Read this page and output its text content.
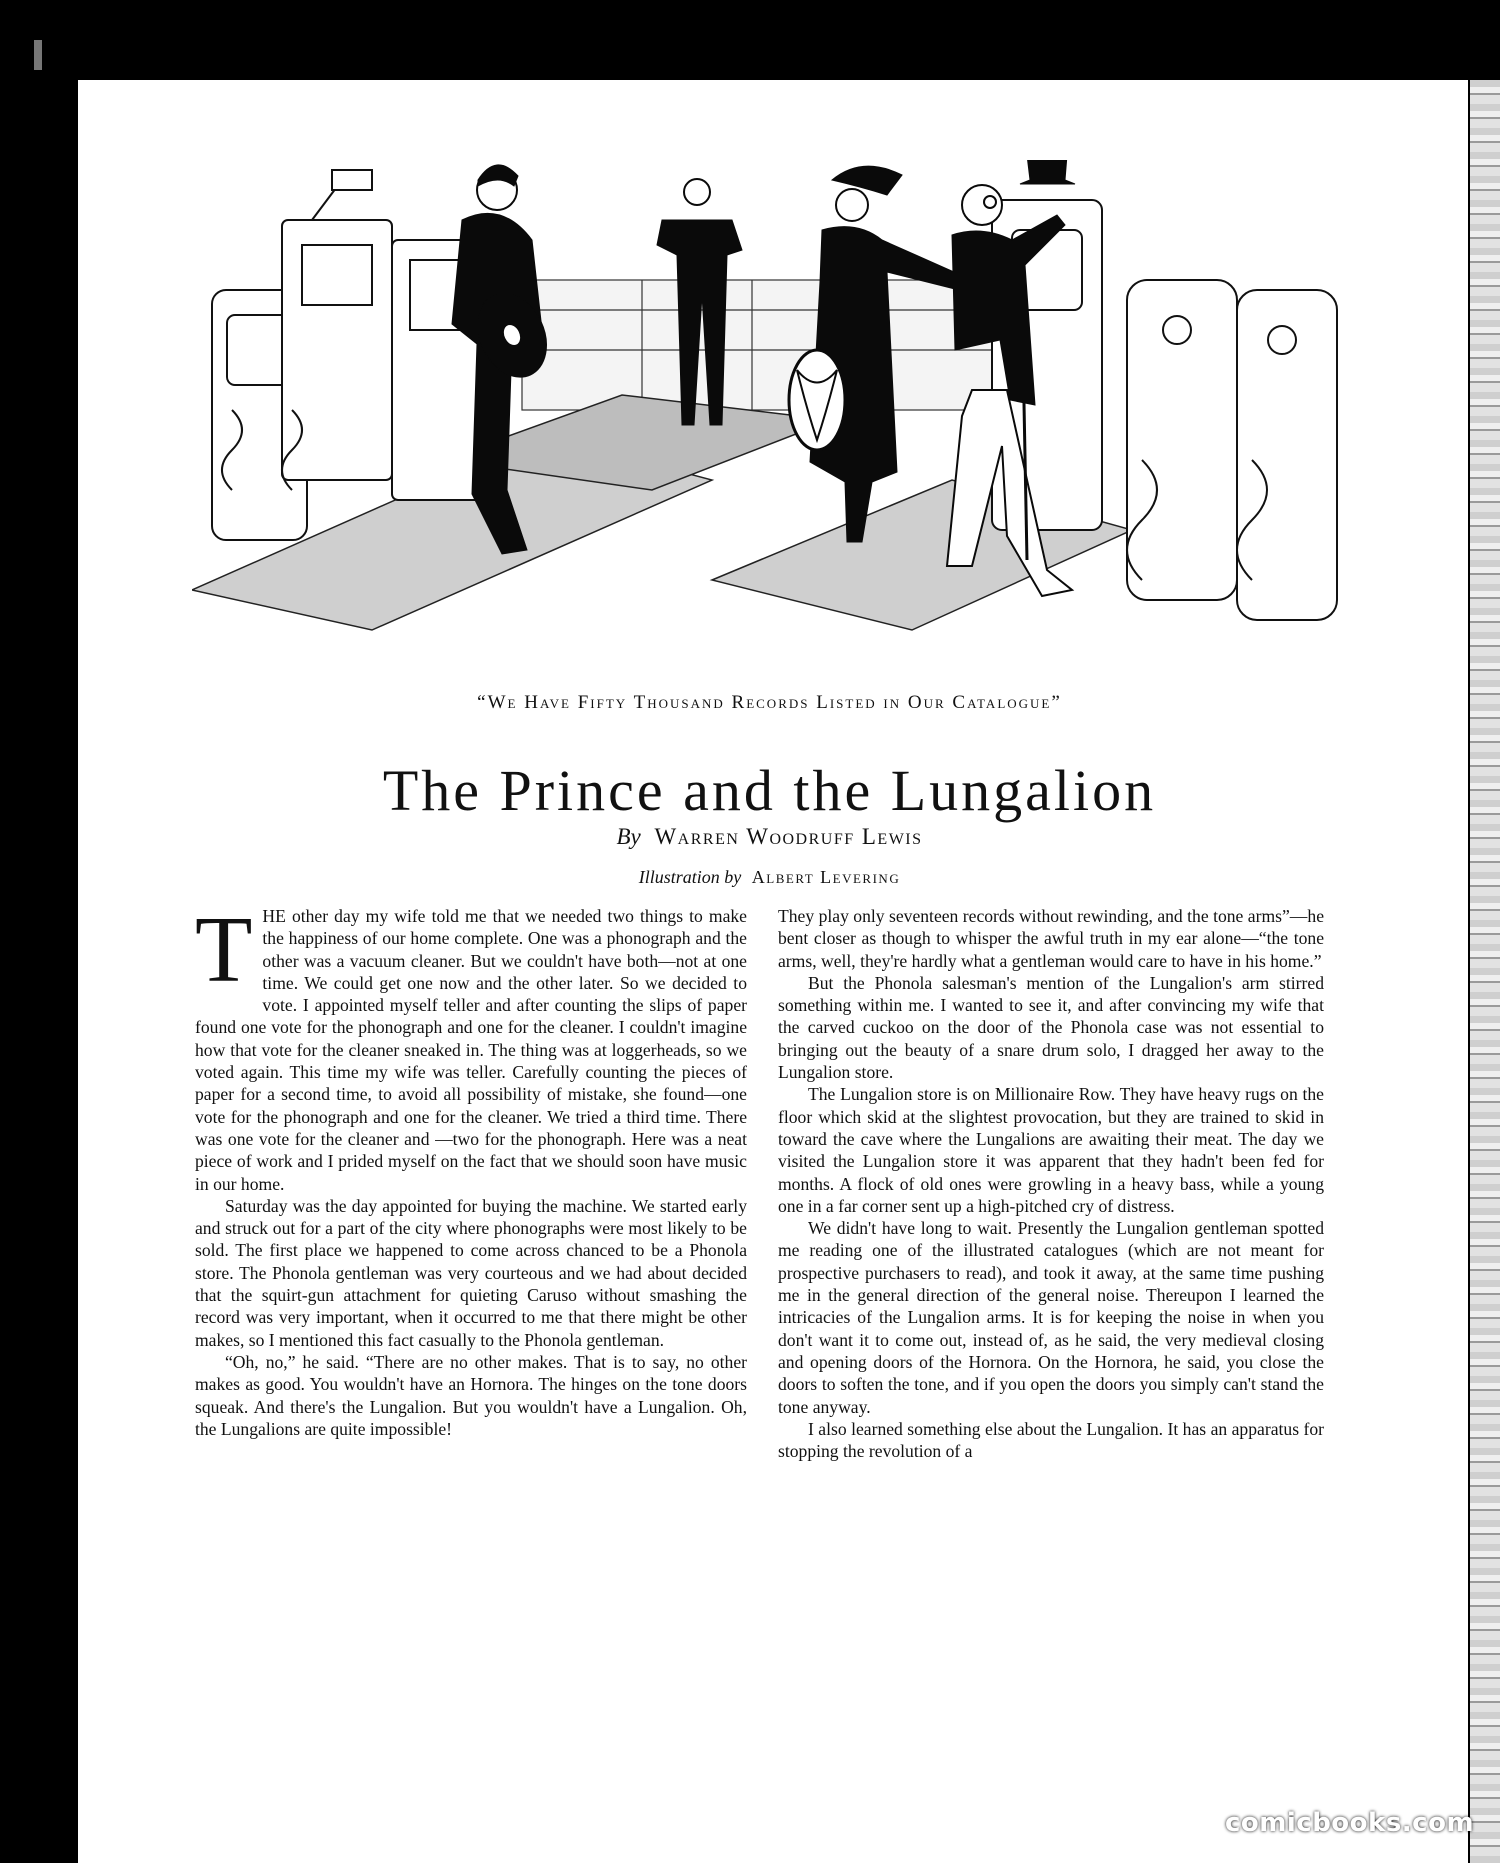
“We Have Fifty Thousand Records Listed in Our Catalogue”
The Prince and the Lungalion
By Warren Woodruff Lewis
Illustration by Albert Levering

THE other day my wife told me that we needed two things to make the happiness of our home complete. One was a phonograph and the other was a vacuum cleaner. But we couldn't have both—not at one time. We could get one now and the other later. So we decided to vote. I appointed myself teller and after counting the slips of paper found one vote for the phonograph and one for the cleaner. I couldn't imagine how that vote for the cleaner sneaked in. The thing was at loggerheads, so we voted again. This time my wife was teller. Carefully counting the pieces of paper for a second time, to avoid all possibility of mistake, she found—one vote for the phonograph and one for the cleaner. We tried a third time. There was one vote for the cleaner and —two for the phonograph. Here was a neat piece of work and I prided myself on the fact that we should soon have music in our home.

Saturday was the day appointed for buying the machine. We started early and struck out for a part of the city where phonographs were most likely to be sold. The first place we happened to come across chanced to be a Phonola store. The Phonola gentleman was very courteous and we had about decided that the squirt-gun attachment for quieting Caruso without smashing the record was very important, when it occurred to me that there might be other makes, so I mentioned this fact casually to the Phonola gentleman.

“Oh, no,” he said. “There are no other makes. That is to say, no other makes as good. You wouldn't have an Hornora. The hinges on the tone doors squeak. And there's the Lungalion. But you wouldn't have a Lungalion. Oh, the Lungalions are quite impossible!

They play only seventeen records without rewinding, and the tone arms”—he bent closer as though to whisper the awful truth in my ear alone—“the tone arms, well, they're hardly what a gentleman would care to have in his home.”

But the Phonola salesman's mention of the Lungalion's arm stirred something within me. I wanted to see it, and after convincing my wife that the carved cuckoo on the door of the Phonola case was not essential to bringing out the beauty of a snare drum solo, I dragged her away to the Lungalion store.

The Lungalion store is on Millionaire Row. They have heavy rugs on the floor which skid at the slightest provocation, but they are trained to skid in toward the cave where the Lungalions are awaiting their meat. The day we visited the Lungalion store it was apparent that they hadn't been fed for months. A flock of old ones were growling in a heavy bass, while a young one in a far corner sent up a high-pitched cry of distress.

We didn't have long to wait. Presently the Lungalion gentleman spotted me reading one of the illustrated catalogues (which are not meant for prospective purchasers to read), and took it away, at the same time pushing me in the general direction of the general noise. Thereupon I learned the intricacies of the Lungalion arms. It is for keeping the noise in when you don't want it to come out, instead of, as he said, the very medieval closing and opening doors of the Hornora. On the Hornora, he said, you close the doors to soften the tone, and if you open the doors you simply can't stand the tone anyway.

I also learned something else about the Lungalion. It has an apparatus for stopping the revolution of a

comicbooks.com
